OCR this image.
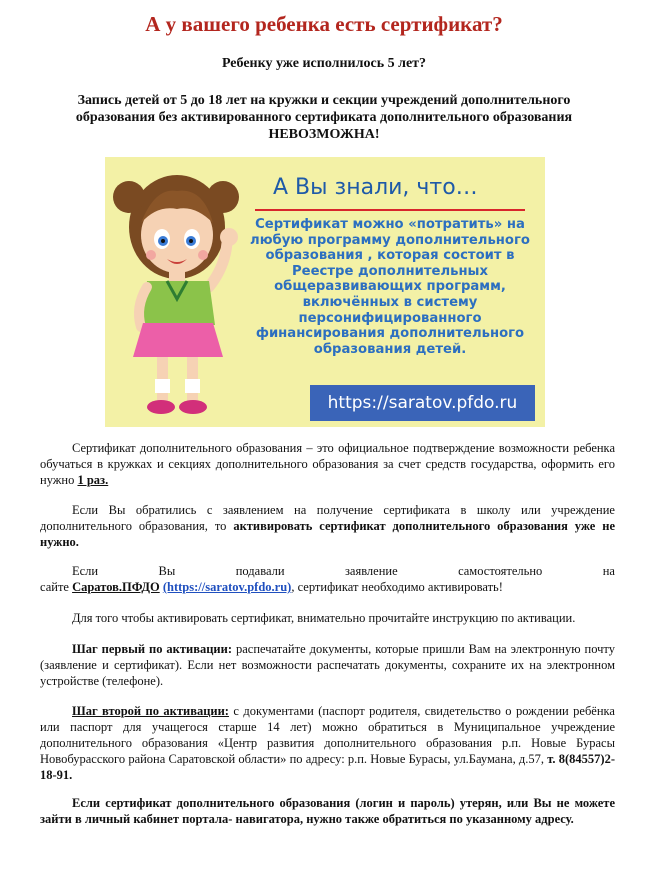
А у вашего ребенка есть сертификат?
Ребенку уже исполнилось 5 лет?
Запись детей от 5 до 18 лет на кружки и секции учреждений дополнительного образования без активированного сертификата дополнительного образования НЕВОЗМОЖНА!
А Вы знали, что…
Сертификат можно «потратить» на любую программу дополнительного образования , которая состоит в Реестре дополнительных общеразвивающих программ, включённых в систему персонифицированного финансирования дополнительного образования детей.
https://saratov.pfdo.ru
Сертификат дополнительного образования – это официальное подтверждение возможности ребенка обучаться в кружках и секциях дополнительного образования за счет средств государства, оформить его нужно 1 раз.
Если Вы обратились с заявлением на получение сертификата в школу или учреждение дополнительного образования, то активировать сертификат дополнительного образования уже не нужно.
Если	Вы	подавали	заявление	самостоятельно	на
сайте Саратов.ПФДО (https://saratov.pfdo.ru), сертификат необходимо активировать!
Для того чтобы активировать сертификат, внимательно прочитайте инструкцию по активации.
Шаг первый по активации: распечатайте документы, которые пришли Вам на электронную почту (заявление и сертификат). Если нет возможности распечатать документы, сохраните их на электронном устройстве (телефоне).
Шаг второй по активации: с документами (паспорт родителя, свидетельство о рождении ребёнка или паспорт для учащегося старше 14 лет) можно обратиться в Муниципальное учреждение дополнительного образования «Центр развития дополнительного образования р.п. Новые Бурасы Новобурасского района Саратовской области» по адресу: р.п. Новые Бурасы, ул.Баумана, д.57, т. 8(84557)2-18-91.
Если сертификат дополнительного образования (логин и пароль) утерян, или Вы не можете зайти в личный кабинет портала- навигатора, нужно также обратиться по указанному адресу.
